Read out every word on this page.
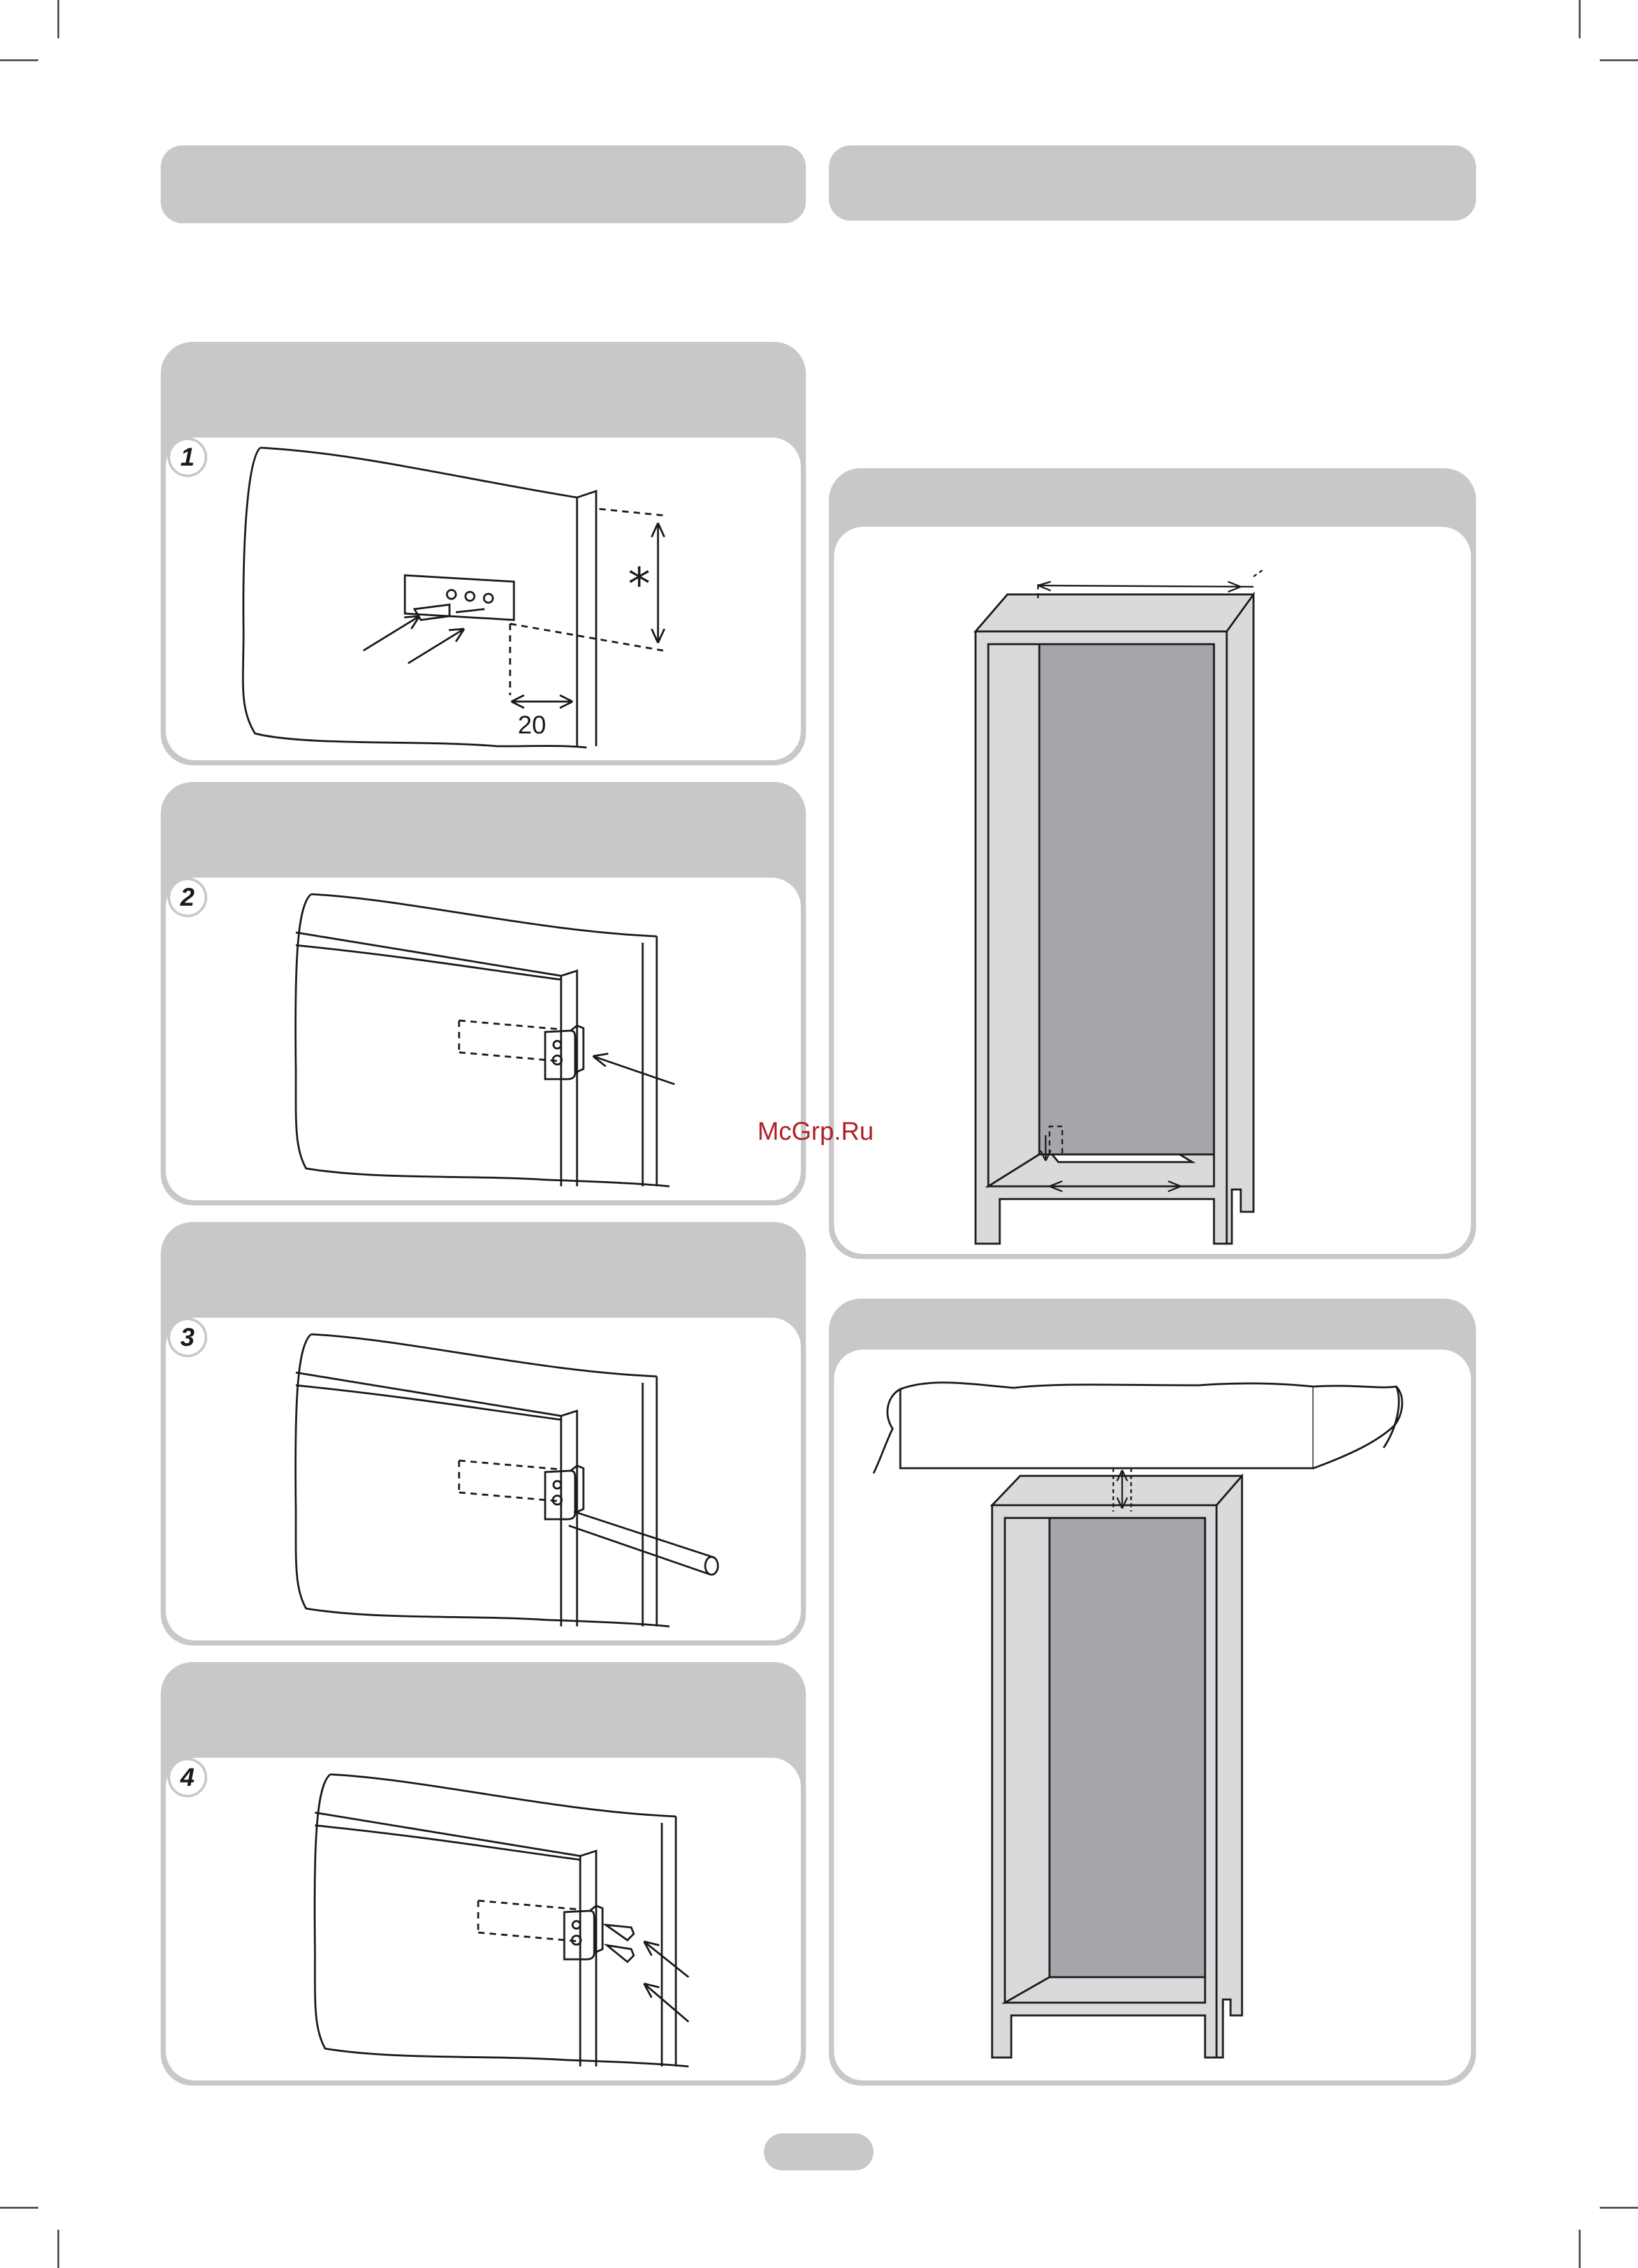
1
*
20
2
3
4
McGrp.Ru
